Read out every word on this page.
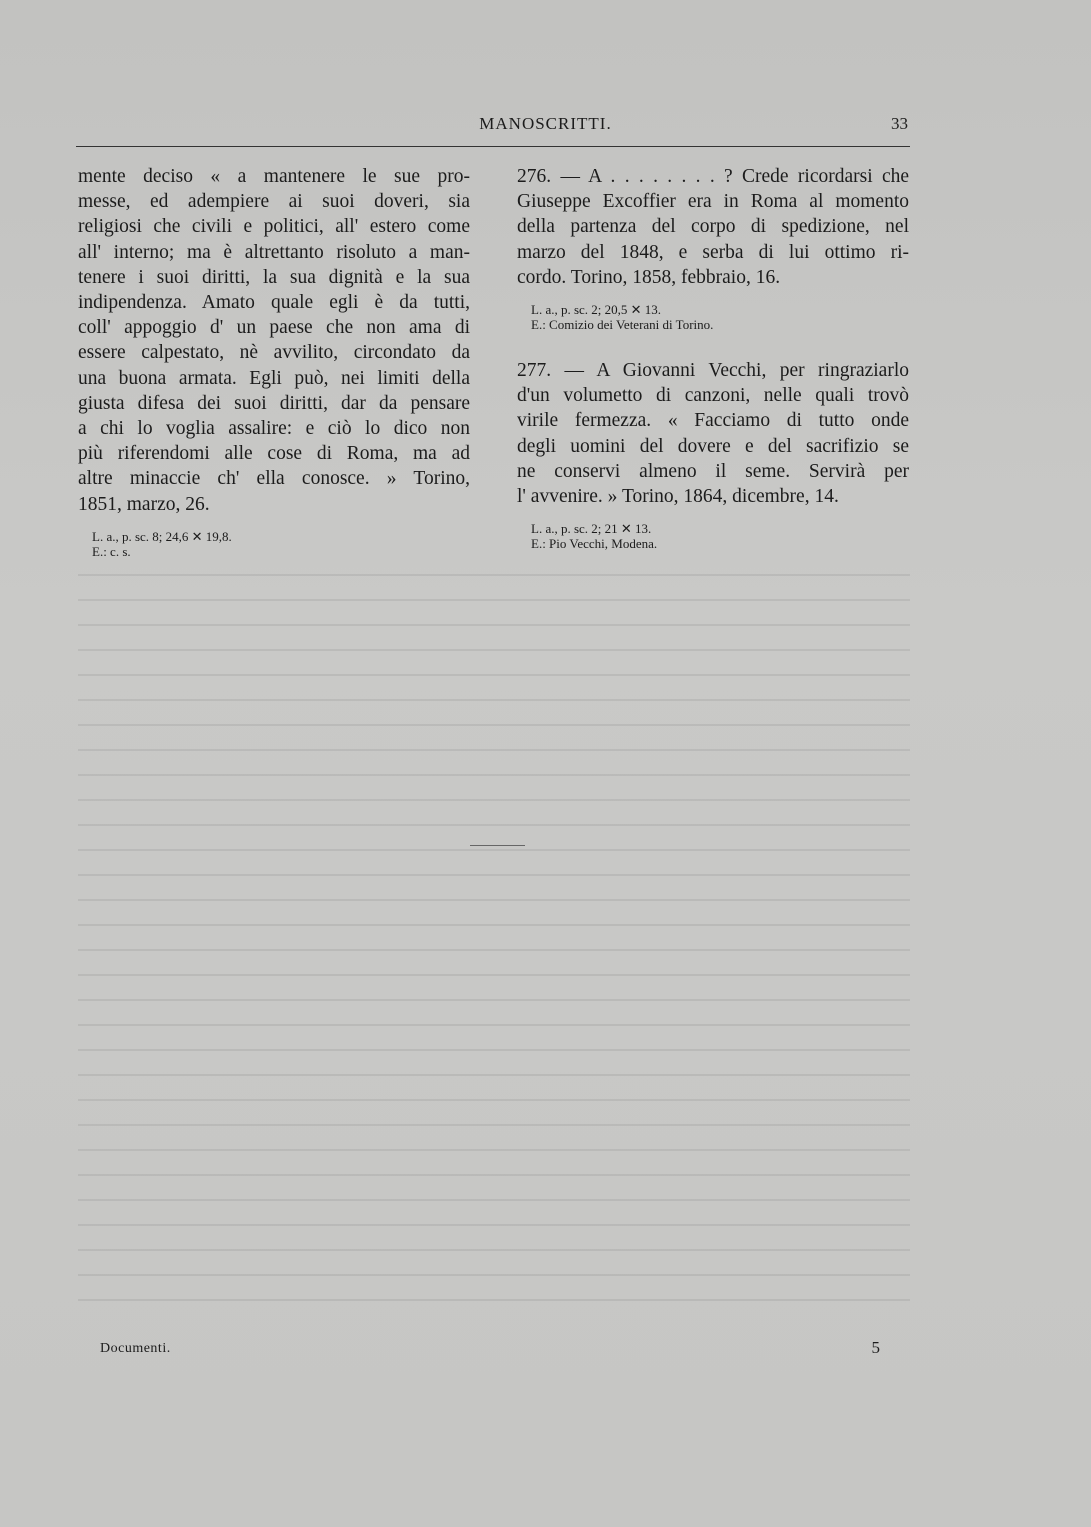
MANOSCRITTI.	33

mente deciso « a mantenere le sue pro-
messe, ed adempiere ai suoi doveri, sia
religiosi che civili e politici, all' estero come
all' interno; ma è altrettanto risoluto a man-
tenere i suoi diritti, la sua dignità e la sua
indipendenza. Amato quale egli è da tutti,
coll' appoggio d' un paese che non ama di
essere calpestato, nè avvilito, circondato da
una buona armata. Egli può, nei limiti della
giusta difesa dei suoi diritti, dar da pensare
a chi lo voglia assalire: e ciò lo dico non
più riferendomi alle cose di Roma, ma ad
altre minaccie ch' ella conosce. » Torino,
1851, marzo, 26.

L. a., p. sc. 8; 24,6 ✕ 19,8.

E.: c. s.

276. — A . . . . . . . . ? Crede ricordarsi che
Giuseppe Excoffier era in Roma al momento
della partenza del corpo di spedizione, nel
marzo del 1848, e serba di lui ottimo ri-
cordo. Torino, 1858, febbraio, 16.

L. a., p. sc. 2; 20,5 ✕ 13.

E.: Comizio dei Veterani di Torino.

277. — A Giovanni Vecchi, per ringraziarlo
d'un volumetto di canzoni, nelle quali trovò
virile fermezza. « Facciamo di tutto onde
degli uomini del dovere e del sacrifizio se
ne conservi almeno il seme. Servirà per
l' avvenire. » Torino, 1864, dicembre, 14.

L. a., p. sc. 2; 21 ✕ 13.

E.: Pio Vecchi, Modena.

Documenti.	5
